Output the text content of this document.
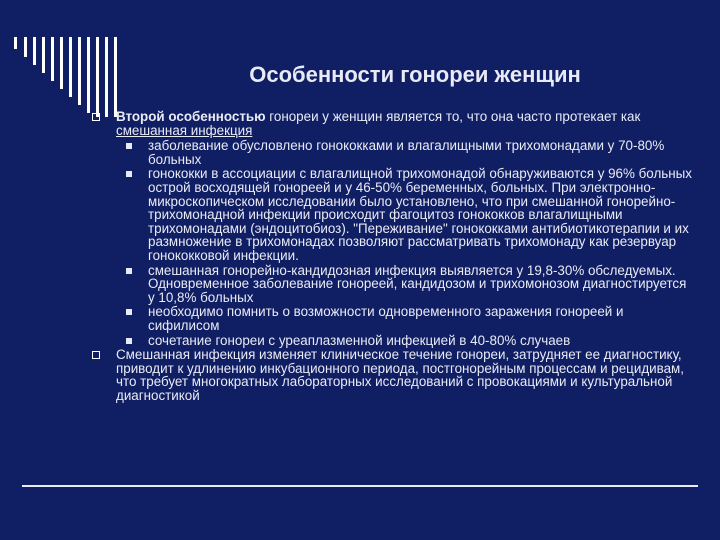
Особенности гонореи женщин
Второй особенностью гонореи у женщин является то, что она часто протекает как смешанная инфекция
заболевание обусловлено гонококками и влагалищными трихомонадами у 70-80% больных
гонококки в ассоциации с влагалищной трихомонадой обнаруживаются у 96% больных острой восходящей гонореей и у 46-50% беременных, больных. При электронно-микроскопическом исследовании было установлено, что при смешанной гонорейно-трихомонадной инфекции происходит фагоцитоз гонококков влагалищными трихомонадами (эндоцитобиоз). "Переживание" гонококками антибиотикотерапии и их размножение в трихомонадах позволяют рассматривать трихомонаду как резервуар гонококковой инфекции.
смешанная гонорейно-кандидозная инфекция выявляется у 19,8-30% обследуемых. Одновременное заболевание гонореей, кандидозом и трихомонозом диагностируется у 10,8% больных
необходимо помнить о возможности одновременного заражения гонореей и сифилисом
сочетание гонореи с уреаплазменной инфекцией в 40-80% случаев
Смешанная инфекция изменяет клиническое течение гонореи, затрудняет ее диагностику, приводит к удлинению инкубационного периода, постгонорейным процессам и рецидивам, что требует многократных лабораторных исследований с провокациями и культуральной диагностикой
